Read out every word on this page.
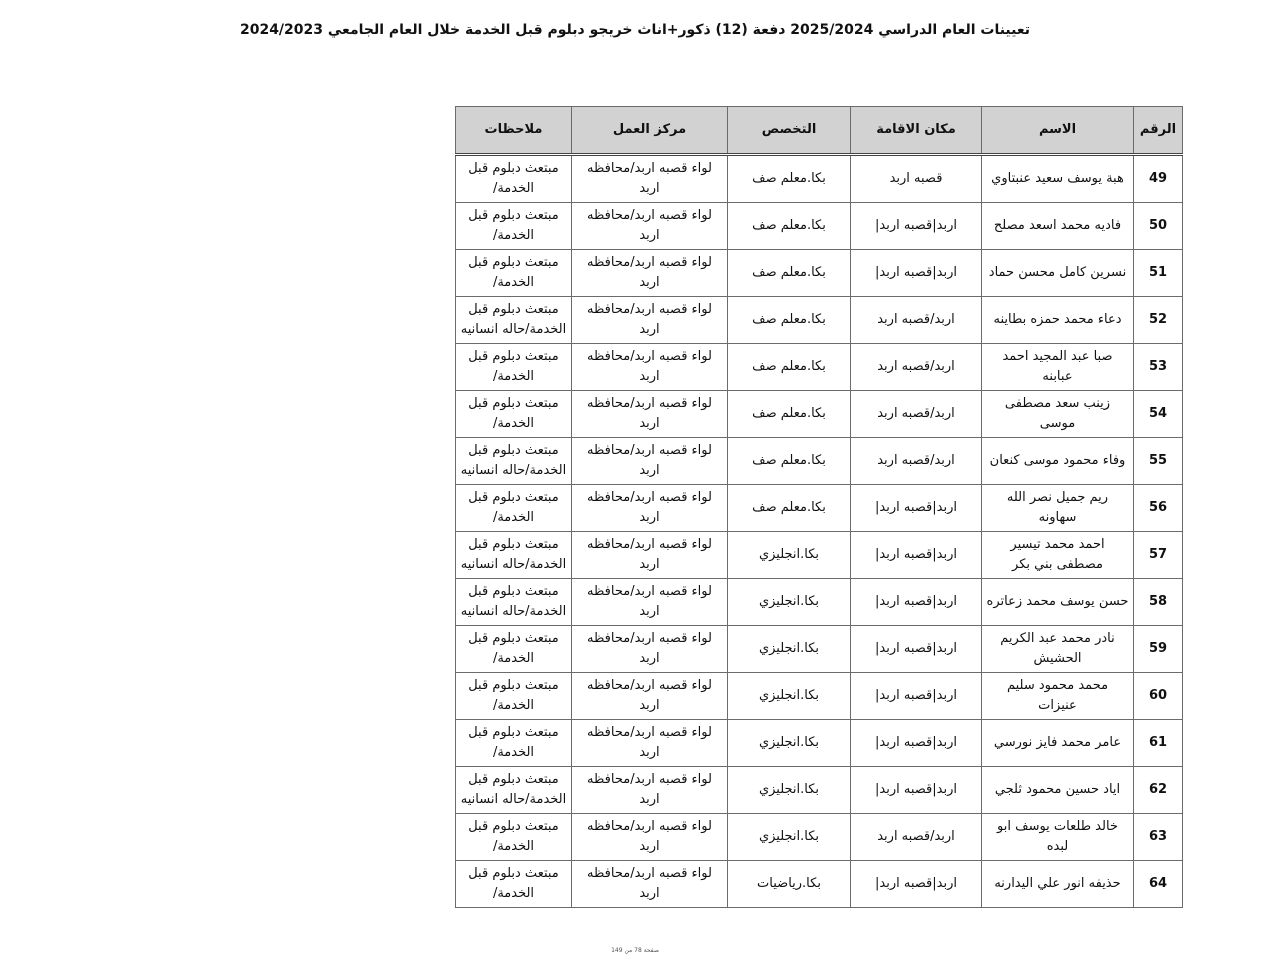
تعيينات العام الدراسي 2025/2024 دفعة (12) ذكور+اناث خريجو دبلوم قبل الخدمة خلال العام الجامعي 2024/2023
الرقم	الاسم	مكان الاقامة	التخصص	مركز العمل	ملاحظات
49	هبة يوسف سعيد عنبتاوي	قصبه اربد	بكا.معلم صف	لواء قصبه اربد/محافظه اربد	مبتعث دبلوم قبل الخدمة/
50	فاديه محمد اسعد مصلح	اربد|قصبه اربد|	بكا.معلم صف	لواء قصبه اربد/محافظه اربد	مبتعث دبلوم قبل الخدمة/
51	نسرين كامل محسن حماد	اربد|قصبه اربد|	بكا.معلم صف	لواء قصبه اربد/محافظه اربد	مبتعث دبلوم قبل الخدمة/
52	دعاء محمد حمزه بطاينه	اربد/قصبه اربد	بكا.معلم صف	لواء قصبه اربد/محافظه اربد	مبتعث دبلوم قبل الخدمة/حاله انسانيه
53	صبا عبد المجيد احمد عبابنه	اربد/قصبه اربد	بكا.معلم صف	لواء قصبه اربد/محافظه اربد	مبتعث دبلوم قبل الخدمة/
54	زينب سعد مصطفى موسى	اربد/قصبه اربد	بكا.معلم صف	لواء قصبه اربد/محافظه اربد	مبتعث دبلوم قبل الخدمة/
55	وفاء محمود موسى كنعان	اربد/قصبه اربد	بكا.معلم صف	لواء قصبه اربد/محافظه اربد	مبتعث دبلوم قبل الخدمة/حاله انسانيه
56	ريم جميل نصر الله سهاونه	اربد|قصبه اربد|	بكا.معلم صف	لواء قصبه اربد/محافظه اربد	مبتعث دبلوم قبل الخدمة/
57	احمد محمد تيسير مصطفى بني بكر	اربد|قصبه اربد|	بكا.انجليزي	لواء قصبه اربد/محافظه اربد	مبتعث دبلوم قبل الخدمة/حاله انسانيه
58	حسن يوسف محمد زعاتره	اربد|قصبه اربد|	بكا.انجليزي	لواء قصبه اربد/محافظه اربد	مبتعث دبلوم قبل الخدمة/حاله انسانيه
59	نادر محمد عبد الكريم الحشيش	اربد|قصبه اربد|	بكا.انجليزي	لواء قصبه اربد/محافظه اربد	مبتعث دبلوم قبل الخدمة/
60	محمد محمود سليم عنيزات	اربد|قصبه اربد|	بكا.انجليزي	لواء قصبه اربد/محافظه اربد	مبتعث دبلوم قبل الخدمة/
61	عامر محمد فايز نورسي	اربد|قصبه اربد|	بكا.انجليزي	لواء قصبه اربد/محافظه اربد	مبتعث دبلوم قبل الخدمة/
62	اياد حسين محمود ثلجي	اربد|قصبه اربد|	بكا.انجليزي	لواء قصبه اربد/محافظه اربد	مبتعث دبلوم قبل الخدمة/حاله انسانيه
63	خالد طلعات يوسف ابو لبده	اربد/قصبه اربد	بكا.انجليزي	لواء قصبه اربد/محافظه اربد	مبتعث دبلوم قبل الخدمة/
64	حذيفه انور علي اليدارنه	اربد|قصبه اربد|	بكا.رياضيات	لواء قصبه اربد/محافظه اربد	مبتعث دبلوم قبل الخدمة/
صفحة 78 من 149
